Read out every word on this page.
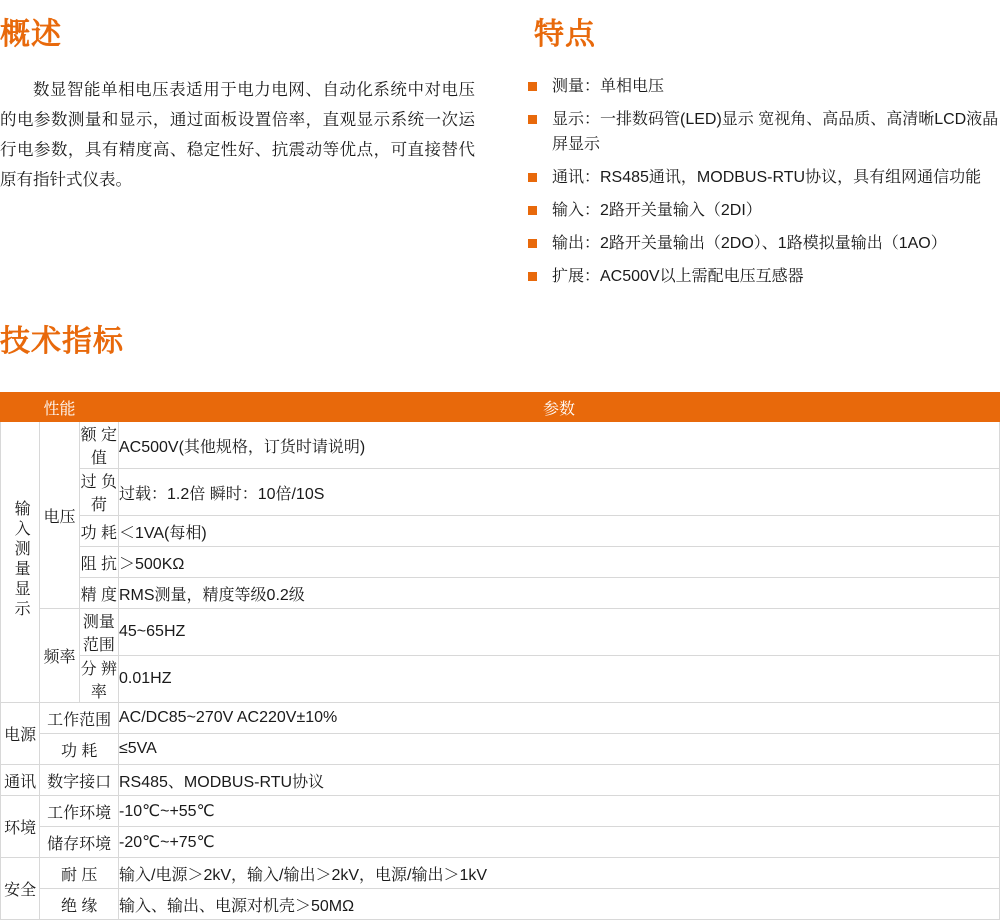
概述
数显智能单相电压表适用于电力电网、自动化系统中对电压的电参数测量和显示，通过面板设置倍率，直观显示系统一次运行电参数，具有精度高、稳定性好、抗震动等优点，可直接替代原有指针式仪表。
特点
测量：单相电压
显示：一排数码管(LED)显示 宽视角、高品质、高清晰LCD液晶屏显示
通讯：RS485通讯，MODBUS-RTU协议，具有组网通信功能
输入：2路开关量输入（2DI）
输出：2路开关量输出（2DO）、1路模拟量输出（1AO）
扩展：AC500V以上需配电压互感器
技术指标
性能			参数
输入测量显示	电压	额 定 值	AC500V(其他规格，订货时请说明)
		过 负 荷	过载：1.2倍 瞬时：10倍/10S
		功 耗	＜1VA(每相)
		阻 抗	＞500KΩ
		精 度	RMS测量，精度等级0.2级
	频率	测量范围	45~65HZ
		分 辨 率	0.01HZ
电源	工作范围		AC/DC85~270V AC220V±10%
	功 耗		≤5VA
通讯	数字接口		RS485、MODBUS-RTU协议
环境	工作环境		-10℃~+55℃
	储存环境		-20℃~+75℃
安全	耐 压		输入/电源＞2kV，输入/输出＞2kV，电源/输出＞1kV
	绝 缘		输入、输出、电源对机壳＞50MΩ
